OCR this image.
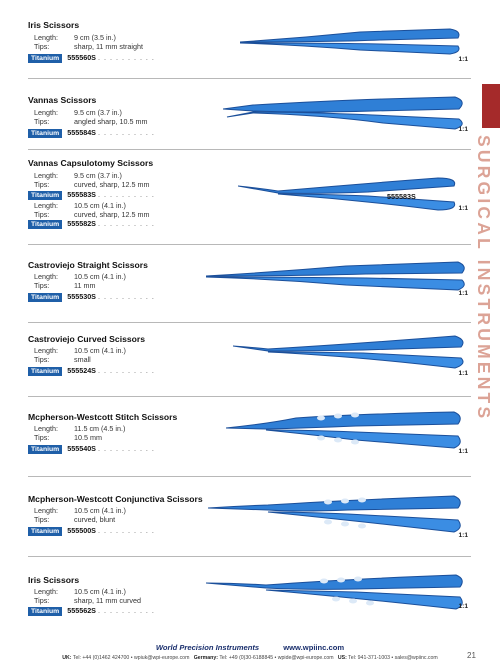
SURGICAL INSTRUMENTS
Iris Scissors
Length: 9 cm (3.5 in.)
Tips:	sharp, 11 mm straight
Titanium 555560S . . . . . . . . . .	1:1
Vannas Scissors
Length: 9.5 cm (3.7 in.)
Tips:	angled sharp, 10.5 mm
Titanium 555584S . . . . . . . . . .	1:1
Vannas Capsulotomy Scissors
Length: 9.5 cm (3.7 in.)
Tips:	curved, sharp, 12.5 mm
Titanium 555583S . . . . . . . . . .
Length: 10.5 cm (4.1 in.)
Tips:	curved, sharp, 12.5 mm
Titanium 555582S . . . . . . . . . .
555583S
1:1
Castroviejo Straight Scissors
Length: 10.5 cm (4.1 in.)
Tips:	11 mm
Titanium 555530S . . . . . . . . . .	1:1
Castroviejo Curved Scissors
Length: 10.5 cm (4.1 in.)
Tips:	small
Titanium 555524S . . . . . . . . . .	1:1
Mcpherson-Westcott Stitch Scissors
Length: 11.5 cm (4.5 in.)
Tips:	10.5 mm
Titanium 555540S . . . . . . . . . .	1:1
Mcpherson-Westcott Conjunctiva Scissors
Length: 10.5 cm (4.1 in.)
Tips:	curved, blunt
Titanium 555500S . . . . . . . . . .
1:1
Iris Scissors
Length: 10.5 cm (4.1 in.)
Tips:	sharp, 11 mm curved
Titanium 555562S . . . . . . . . . .	1:1
World Precision Instruments	www.wpiinc.com
UK: Tel: +44 (0)1462 424700 • wpiuk@wpi-europe.com Germany: Tel: +49 (0)30-6188845 • wpide@wpi-europe.com US: Tel: 941-371-1003 • sales@wpiinc.com	21
